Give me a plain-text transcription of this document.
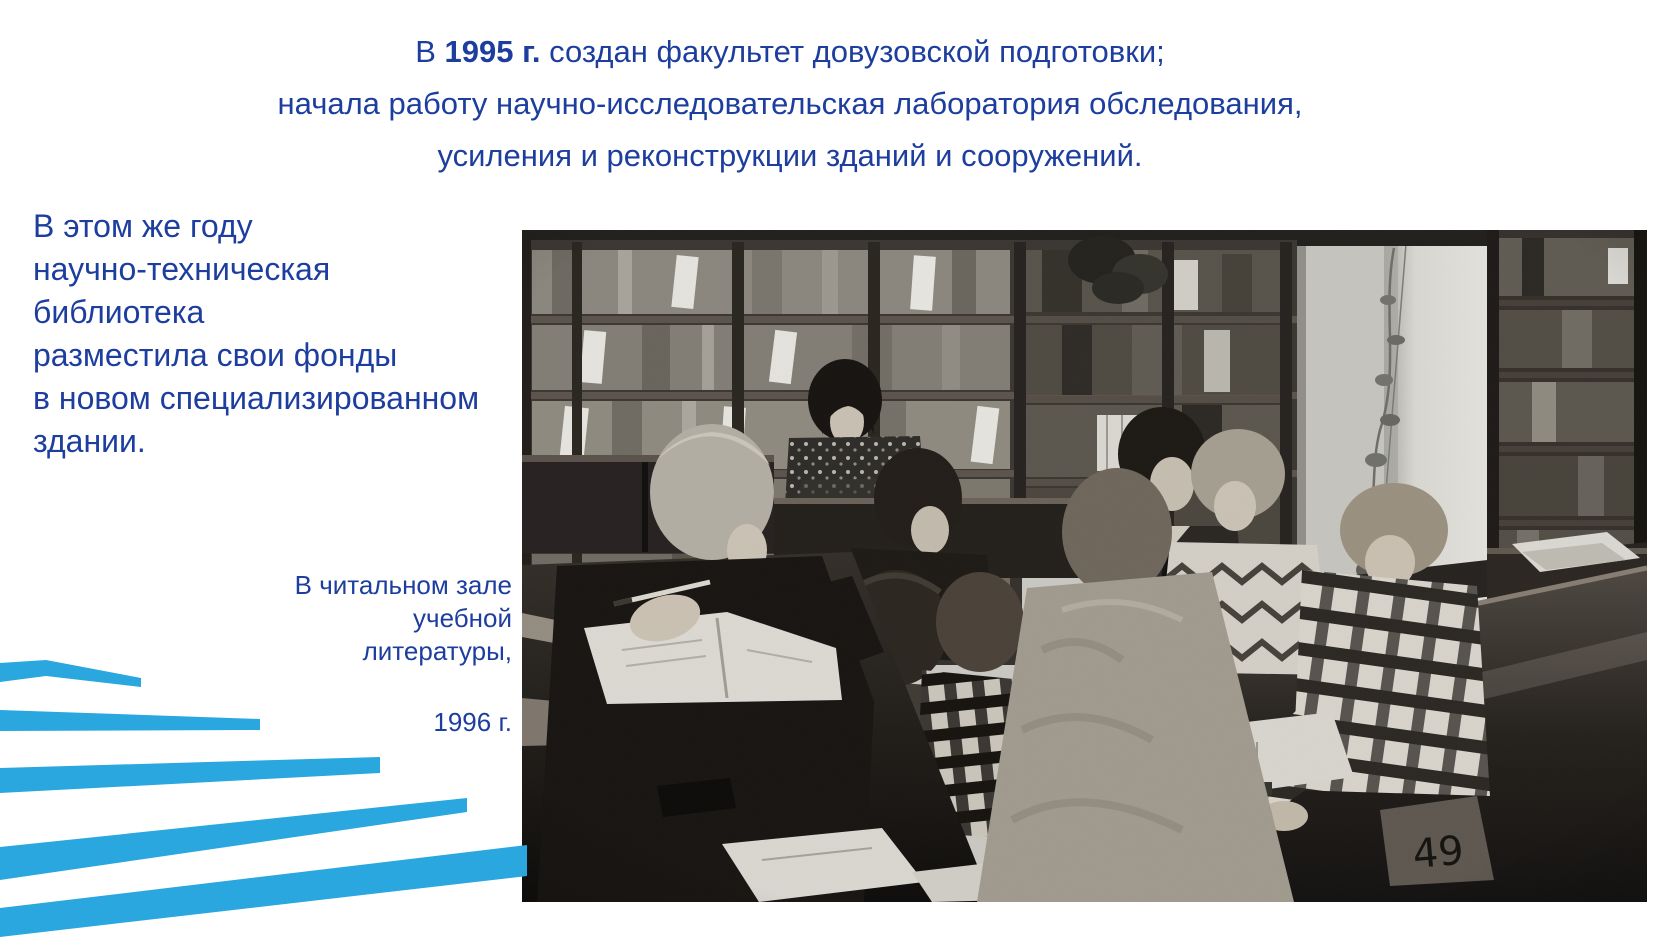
В 1995 г. создан факультет довузовской подготовки;
начала работу научно-исследовательская лаборатория обследования,
усиления и реконструкции зданий и сооружений.
В этом же году
научно-техническая
библиотека
разместила свои фонды
в новом специализированном
здании.
В читальном зале
учебной
литературы,
1996 г.
